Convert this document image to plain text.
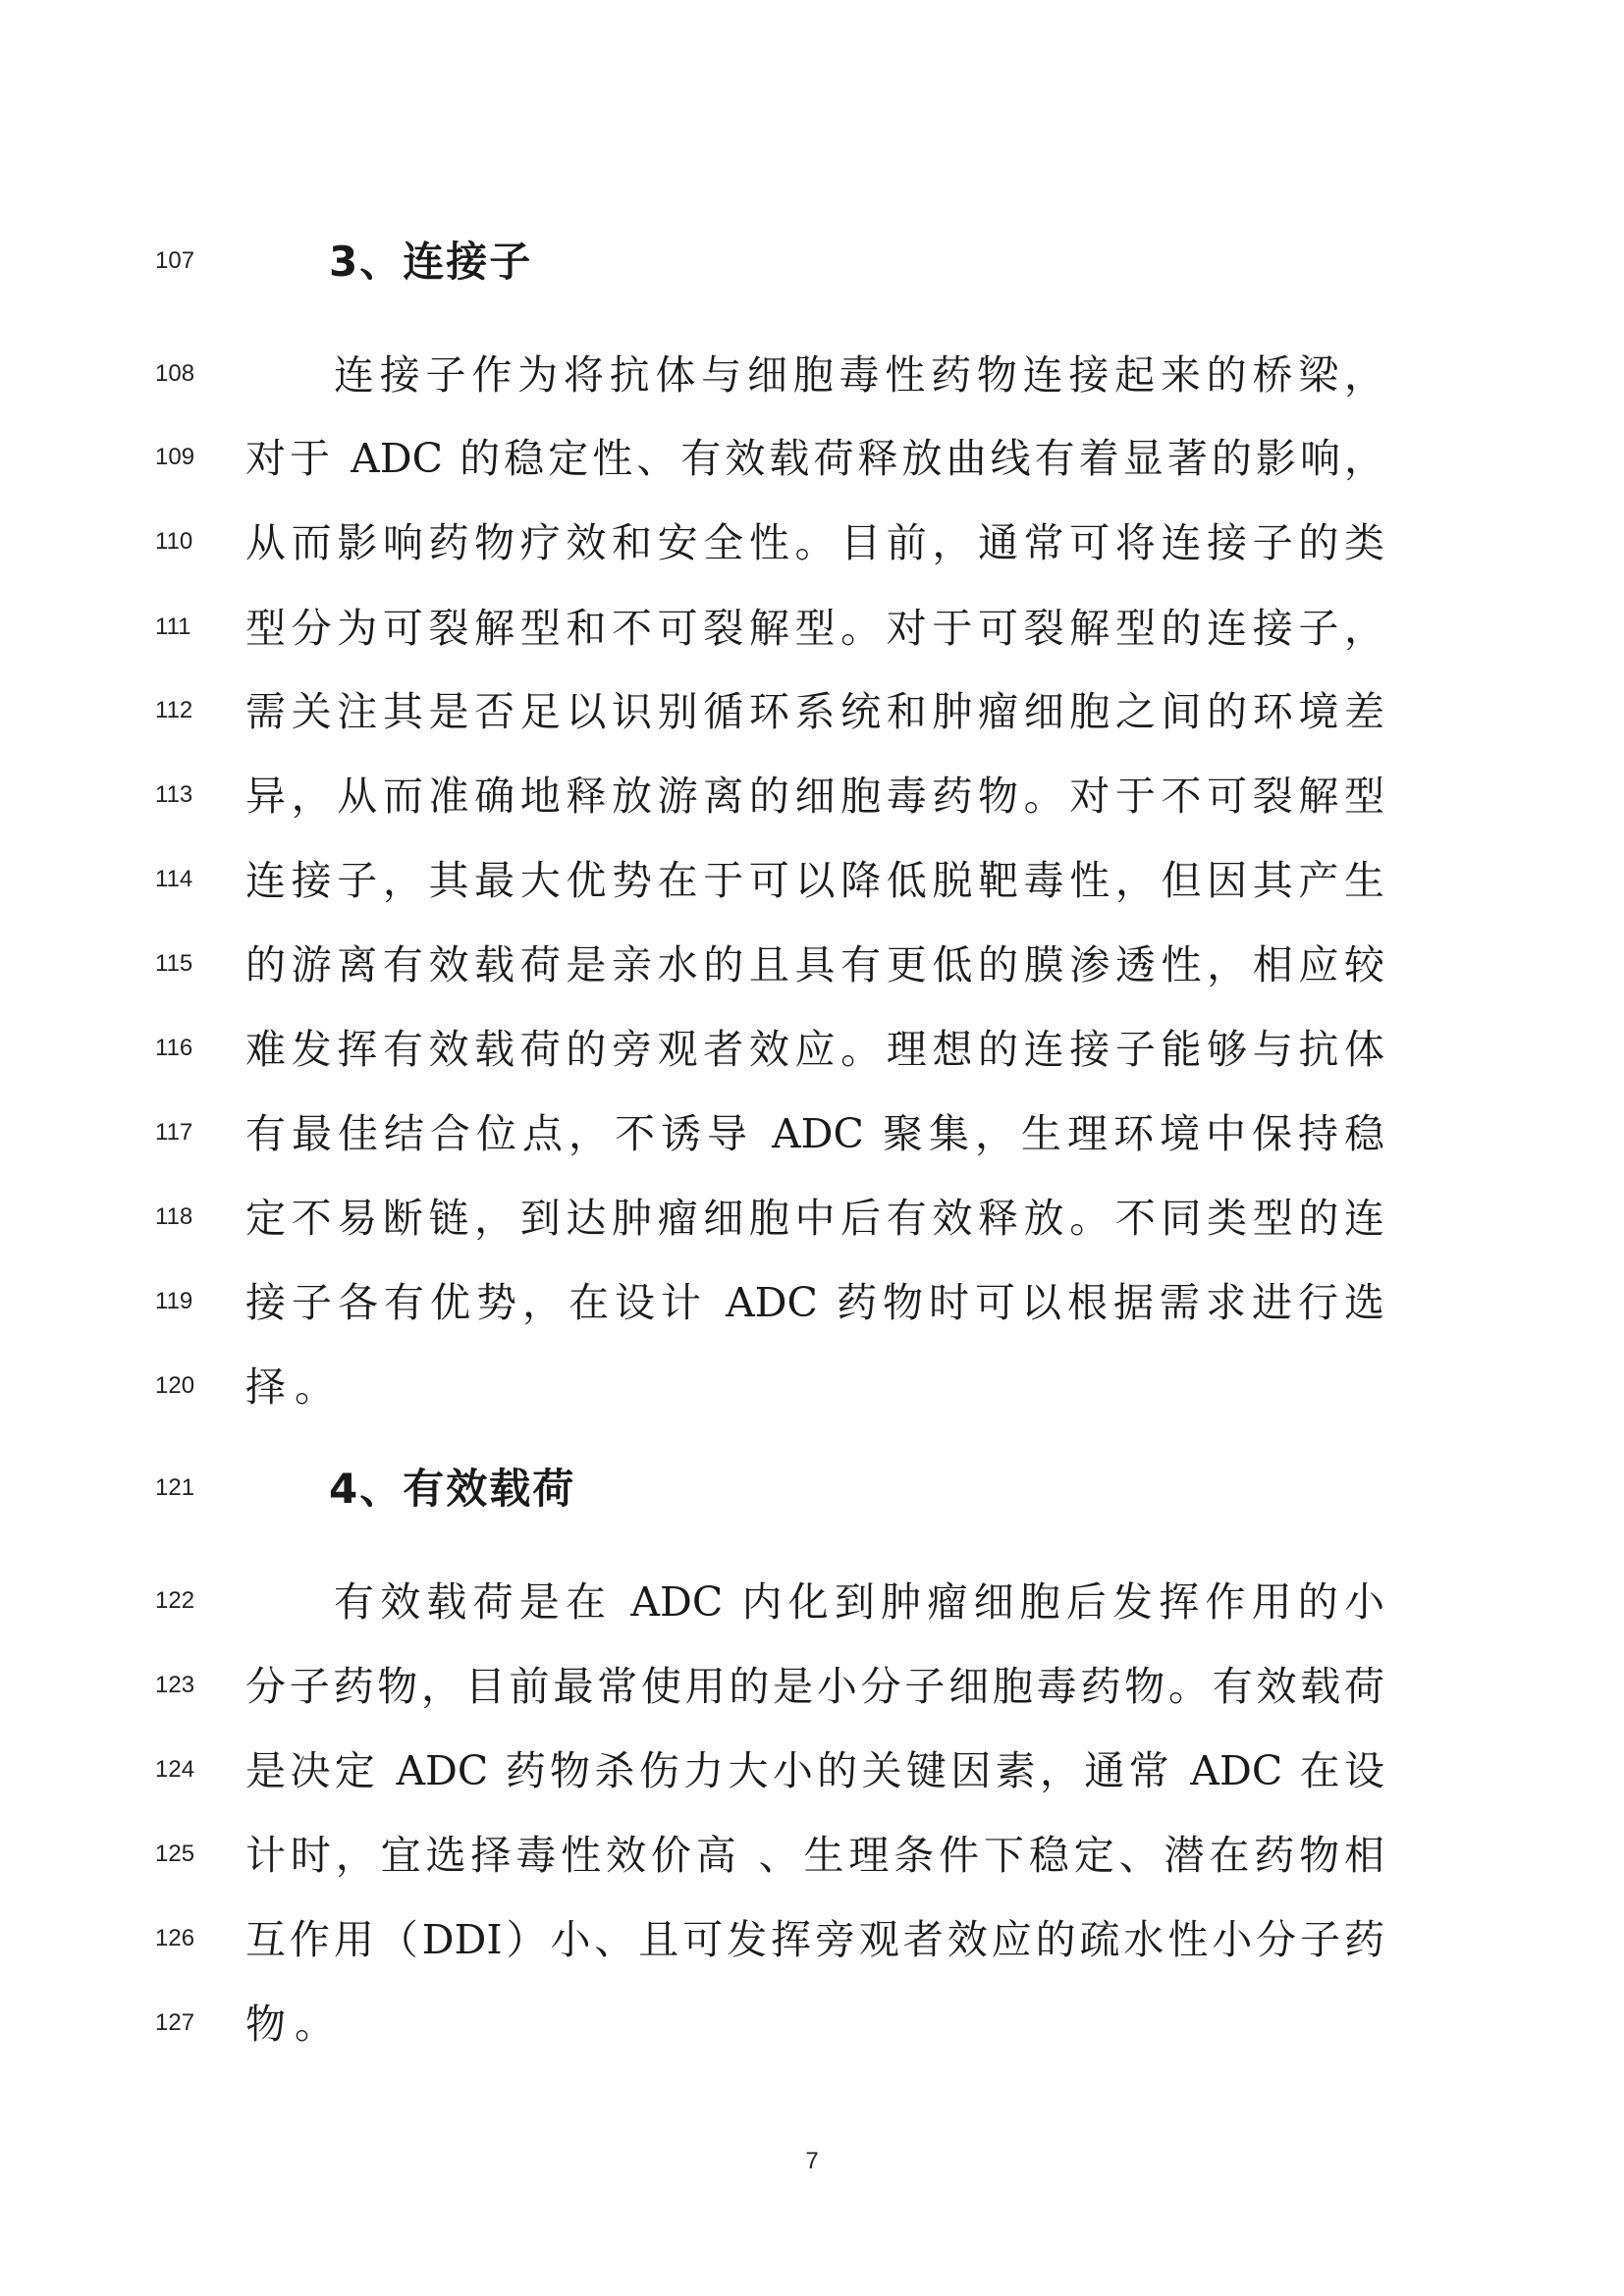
107	3、连接子
108	连接子作为将抗体与细胞毒性药物连接起来的桥梁，
109	对于 ADC 的稳定性、有效载荷释放曲线有着显著的影响，
110	从而影响药物疗效和安全性。目前，通常可将连接子的类
111	型分为可裂解型和不可裂解型。对于可裂解型的连接子，
112	需关注其是否足以识别循环系统和肿瘤细胞之间的环境差
113	异，从而准确地释放游离的细胞毒药物。对于不可裂解型
114	连接子，其最大优势在于可以降低脱靶毒性，但因其产生
115	的游离有效载荷是亲水的且具有更低的膜渗透性，相应较
116	难发挥有效载荷的旁观者效应。理想的连接子能够与抗体
117	有最佳结合位点，不诱导 ADC 聚集，生理环境中保持稳
118	定不易断链，到达肿瘤细胞中后有效释放。不同类型的连
119	接子各有优势，在设计 ADC 药物时可以根据需求进行选
120	择。
121	4、有效载荷
122	有效载荷是在 ADC 内化到肿瘤细胞后发挥作用的小
123	分子药物，目前最常使用的是小分子细胞毒药物。有效载荷
124	是决定 ADC 药物杀伤力大小的关键因素，通常 ADC 在设
125	计时，宜选择毒性效价高 、生理条件下稳定、潜在药物相
126	互作用（DDI）小、且可发挥旁观者效应的疏水性小分子药
127	物。
7
